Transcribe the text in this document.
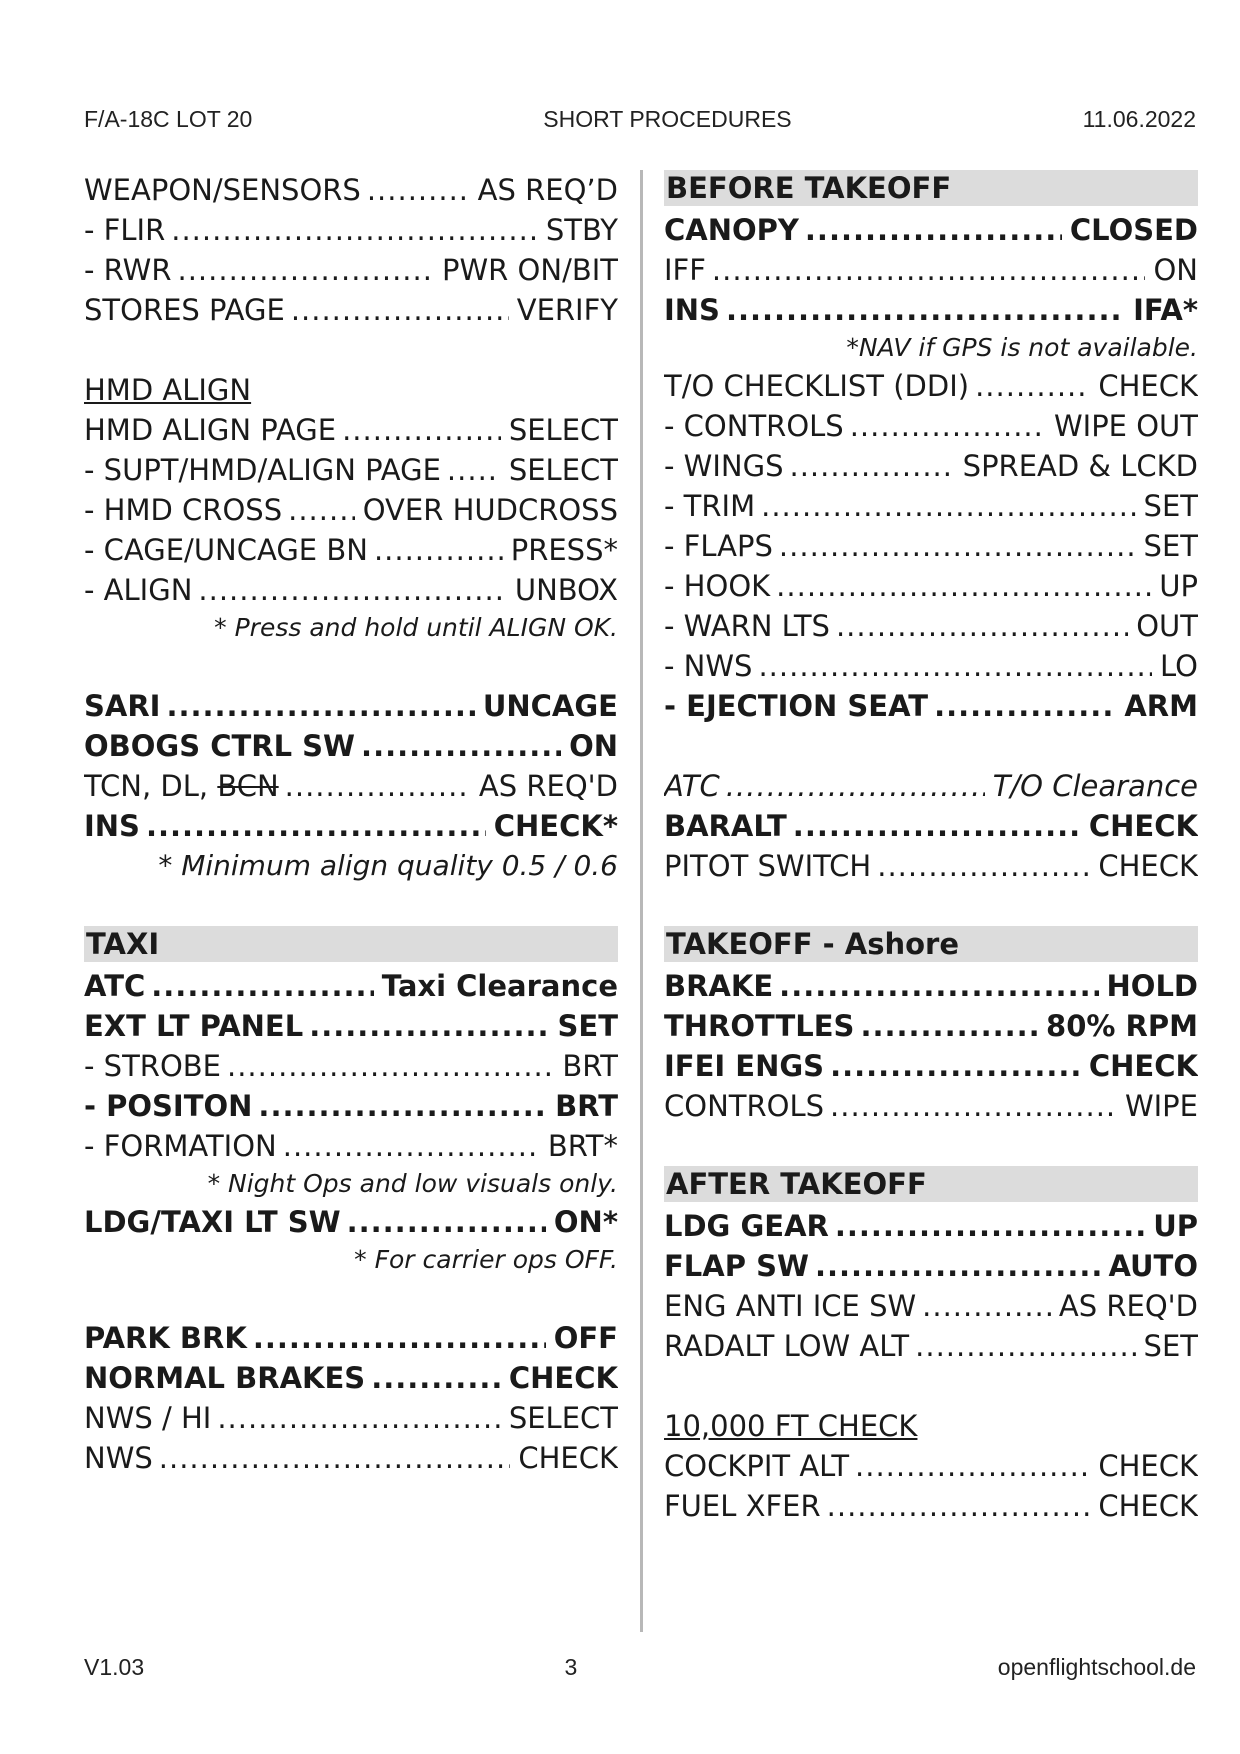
F/A-18C LOT 20	SHORT PROCEDURES	11.06.2022
WEAPON/SENSORS .....	AS REQ’D
- FLIR .....	STBY
- RWR .....	PWR ON/BIT
STORES PAGE .....	VERIFY
HMD ALIGN
HMD ALIGN PAGE .....	SELECT
- SUPT/HMD/ALIGN PAGE ..... SELECT
- HMD CROSS .....	OVER HUDCROSS
- CAGE/UNCAGE BN .....	PRESS*
- ALIGN .....	UNBOX
* Press and hold until ALIGN OK.
SARI .....	UNCAGE
OBOGS CTRL SW .....	ON
TCN, DL, BCN .....	AS REQ'D
INS .....	CHECK*
* Minimum align quality 0.5 / 0.6
TAXI
ATC .....	Taxi Clearance
EXT LT PANEL .....	SET
- STROBE .....	BRT
- POSITON .....	BRT
- FORMATION .....	BRT*
* Night Ops and low visuals only.
LDG/TAXI LT SW .....	ON*
* For carrier ops OFF.
PARK BRK .....	OFF
NORMAL BRAKES .....	CHECK
NWS / HI .....	SELECT
NWS .....	CHECK
BEFORE TAKEOFF
CANOPY .....	CLOSED
IFF .....	ON
INS .....	IFA*
*NAV if GPS is not available.
T/O CHECKLIST (DDI) .....	CHECK
- CONTROLS .....	WIPE OUT
- WINGS .....	SPREAD & LCKD
- TRIM .....	SET
- FLAPS .....	SET
- HOOK .....	UP
- WARN LTS .....	OUT
- NWS .....	LO
- EJECTION SEAT .....	ARM
ATC .....	T/O Clearance
BARALT .....	CHECK
PITOT SWITCH .....	CHECK
TAKEOFF - Ashore
BRAKE .....	HOLD
THROTTLES .....	80% RPM
IFEI ENGS .....	CHECK
CONTROLS .....	WIPE
AFTER TAKEOFF
LDG GEAR .....	UP
FLAP SW .....	AUTO
ENG ANTI ICE SW .....	AS REQ'D
RADALT LOW ALT .....	SET
10,000 FT CHECK
COCKPIT ALT .....	CHECK
FUEL XFER .....	CHECK
V1.03	3	openflightschool.de
